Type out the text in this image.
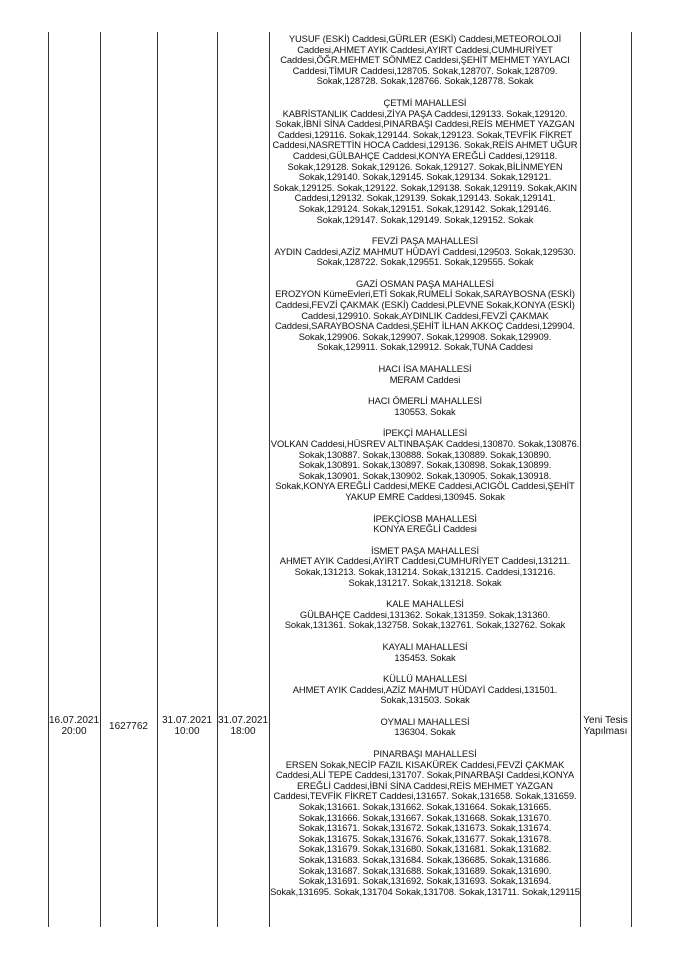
16.07.2021
20:00	1627762
31.07.2021
10:00
31.07.2021
18:00
Yeni Tesis
Yapılması
YUSUF (ESKİ) Caddesi,GÜRLER (ESKİ) Caddesi,METEOROLOJİ Caddesi,AHMET AYIK Caddesi,AYIRT Caddesi,CUMHURİYET Caddesi,ÖĞR.MEHMET SÖNMEZ Caddesi,ŞEHİT MEHMET YAYLACI Caddesi,TİMUR Caddesi,128705. Sokak,128707. Sokak,128709. Sokak,128728. Sokak,128766. Sokak,128778. Sokak
ÇETMİ MAHALLESİ
KABRİSTANLIK Caddesi,ZİYA PAŞA Caddesi,129133. Sokak,129120. Sokak,İBNİ SİNA Caddesi,PINARBAŞI Caddesi,REİS MEHMET YAZGAN Caddesi,129116. Sokak,129144. Sokak,129123. Sokak,TEVFİK FİKRET Caddesi,NASRETTİN HOCA Caddesi,129136. Sokak,REİS AHMET UĞUR Caddesi,GÜLBAHÇE Caddesi,KONYA EREĞLİ Caddesi,129118. Sokak,129128. Sokak,129126. Sokak,129127. Sokak,BİLİNMEYEN Sokak,129140. Sokak,129145. Sokak,129134. Sokak,129121. Sokak,129125. Sokak,129122. Sokak,129138. Sokak,129119. Sokak,AKIN Caddesi,129132. Sokak,129139. Sokak,129143. Sokak,129141. Sokak,129124. Sokak,129151. Sokak,129142. Sokak,129146. Sokak,129147. Sokak,129149. Sokak,129152. Sokak
FEVZİ PAŞA MAHALLESİ
AYDIN Caddesi,AZİZ MAHMUT HÜDAYİ Caddesi,129503. Sokak,129530. Sokak,128722. Sokak,129551. Sokak,129555. Sokak
GAZİ OSMAN PAŞA MAHALLESİ
EROZYON KümeEvleri,ETİ Sokak,RUMELİ Sokak,SARAYBOSNA (ESKİ) Caddesi,FEVZİ ÇAKMAK (ESKİ) Caddesi,PLEVNE Sokak,KONYA (ESKİ) Caddesi,129910. Sokak,AYDINLIK Caddesi,FEVZİ ÇAKMAK Caddesi,SARAYBOSNA Caddesi,ŞEHİT İLHAN AKKOÇ Caddesi,129904. Sokak,129906. Sokak,129907. Sokak,129908. Sokak,129909. Sokak,129911. Sokak,129912. Sokak,TUNA Caddesi
HACI İSA MAHALLESİ
MERAM Caddesi
HACI ÖMERLİ MAHALLESİ
130553. Sokak
İPEKÇİ MAHALLESİ
VOLKAN Caddesi,HÜSREV ALTINBAŞAK Caddesi,130870. Sokak,130876. Sokak,130887. Sokak,130888. Sokak,130889. Sokak,130890. Sokak,130891. Sokak,130897. Sokak,130898. Sokak,130899. Sokak,130901. Sokak,130902. Sokak,130905. Sokak,130918. Sokak,KONYA EREĞLİ Caddesi,MEKE Caddesi,ACIGÖL Caddesi,ŞEHİT YAKUP EMRE Caddesi,130945. Sokak
İPEKÇİOSB MAHALLESİ
KONYA EREĞLİ Caddesi
İSMET PAŞA MAHALLESİ
AHMET AYIK Caddesi,AYIRT Caddesi,CUMHURİYET Caddesi,131211. Sokak,131213. Sokak,131214. Sokak,131215. Caddesi,131216. Sokak,131217. Sokak,131218. Sokak
KALE MAHALLESİ
GÜLBAHÇE Caddesi,131362. Sokak,131359. Sokak,131360. Sokak,131361. Sokak,132758. Sokak,132761. Sokak,132762. Sokak
KAYALI MAHALLESİ
135453. Sokak
KÜLLÜ MAHALLESİ
AHMET AYIK Caddesi,AZİZ MAHMUT HÜDAYİ Caddesi,131501. Sokak,131503. Sokak
OYMALI MAHALLESİ
136304. Sokak
PINARBAŞI MAHALLESİ
ERSEN Sokak,NECİP FAZIL KISAKÜREK Caddesi,FEVZİ ÇAKMAK Caddesi,ALİ TEPE Caddesi,131707. Sokak,PINARBAŞI Caddesi,KONYA EREĞLİ Caddesi,İBNİ SİNA Caddesi,REİS MEHMET YAZGAN Caddesi,TEVFİK FİKRET Caddesi,131657. Sokak,131658. Sokak,131659. Sokak,131661. Sokak,131662. Sokak,131664. Sokak,131665. Sokak,131666. Sokak,131667. Sokak,131668. Sokak,131670. Sokak,131671. Sokak,131672. Sokak,131673. Sokak,131674. Sokak,131675. Sokak,131676. Sokak,131677. Sokak,131678. Sokak,131679. Sokak,131680. Sokak,131681. Sokak,131682. Sokak,131683. Sokak,131684. Sokak,136685. Sokak,131686. Sokak,131687. Sokak,131688. Sokak,131689. Sokak,131690. Sokak,131691. Sokak,131692. Sokak,131693. Sokak,131694. Sokak,131695. Sokak,131704 Sokak,131708. Sokak,131711. Sokak,129115
